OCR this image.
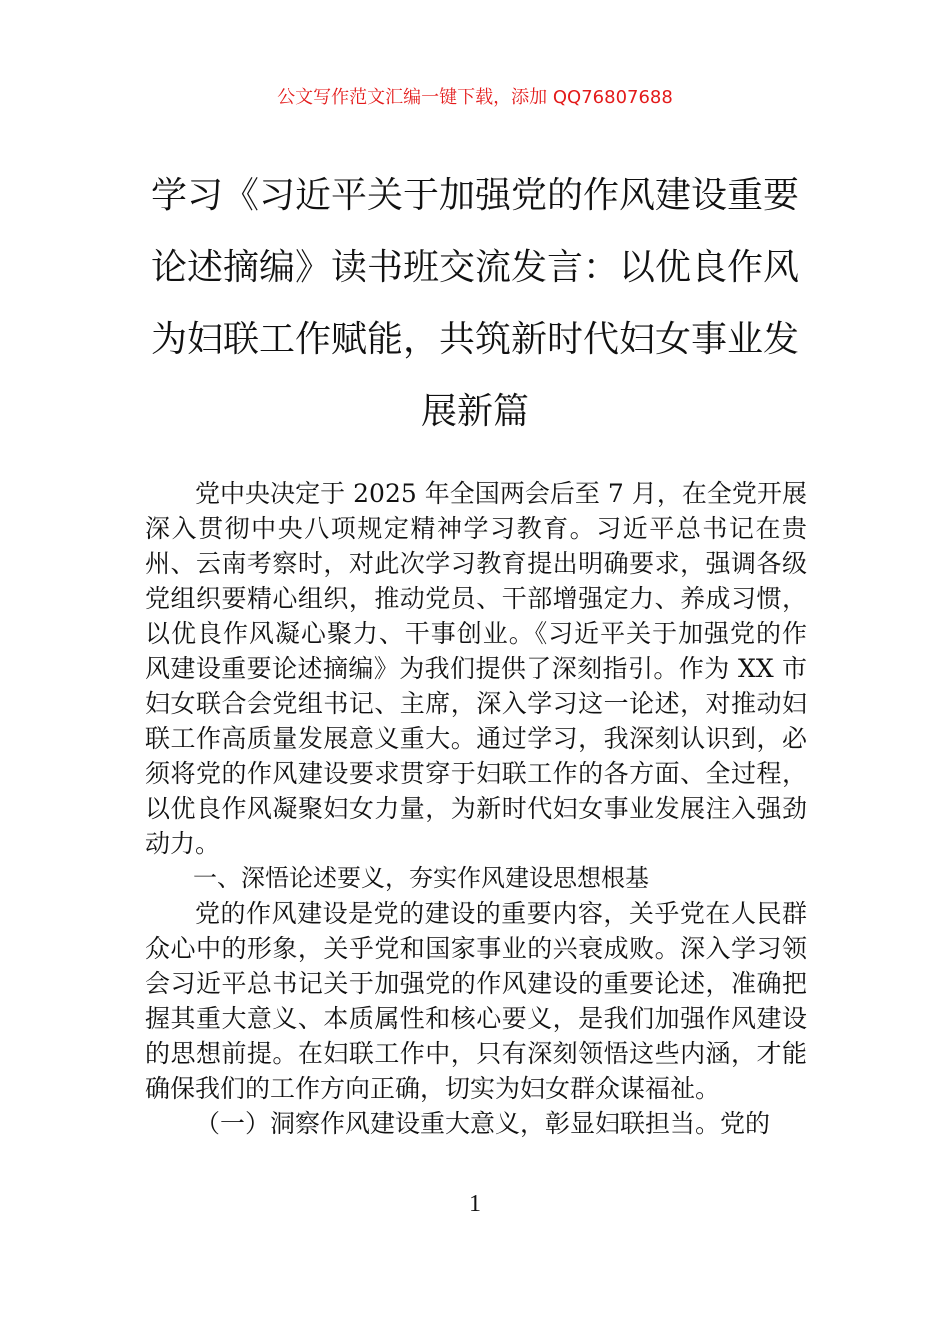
公文写作范文汇编一键下载，添加 QQ76807688
学习《习近平关于加强党的作风建设重要论述摘编》读书班交流发言：以优良作风为妇联工作赋能，共筑新时代妇女事业发展新篇

党中央决定于 2025 年全国两会后至 7 月，在全党开展深入贯彻中央八项规定精神学习教育。习近平总书记在贵州、云南考察时，对此次学习教育提出明确要求，强调各级党组织要精心组织，推动党员、干部增强定力、养成习惯，以优良作风凝心聚力、干事创业。《习近平关于加强党的作风建设重要论述摘编》为我们提供了深刻指引。作为 XX 市妇女联合会党组书记、主席，深入学习这一论述，对推动妇联工作高质量发展意义重大。通过学习，我深刻认识到，必须将党的作风建设要求贯穿于妇联工作的各方面、全过程，以优良作风凝聚妇女力量，为新时代妇女事业发展注入强劲动力。

一、深悟论述要义，夯实作风建设思想根基

党的作风建设是党的建设的重要内容，关乎党在人民群众心中的形象，关乎党和国家事业的兴衰成败。深入学习领会习近平总书记关于加强党的作风建设的重要论述，准确把握其重大意义、本质属性和核心要义，是我们加强作风建设的思想前提。在妇联工作中，只有深刻领悟这些内涵，才能确保我们的工作方向正确，切实为妇女群众谋福祉。

（一）洞察作风建设重大意义，彰显妇联担当。党的

1
